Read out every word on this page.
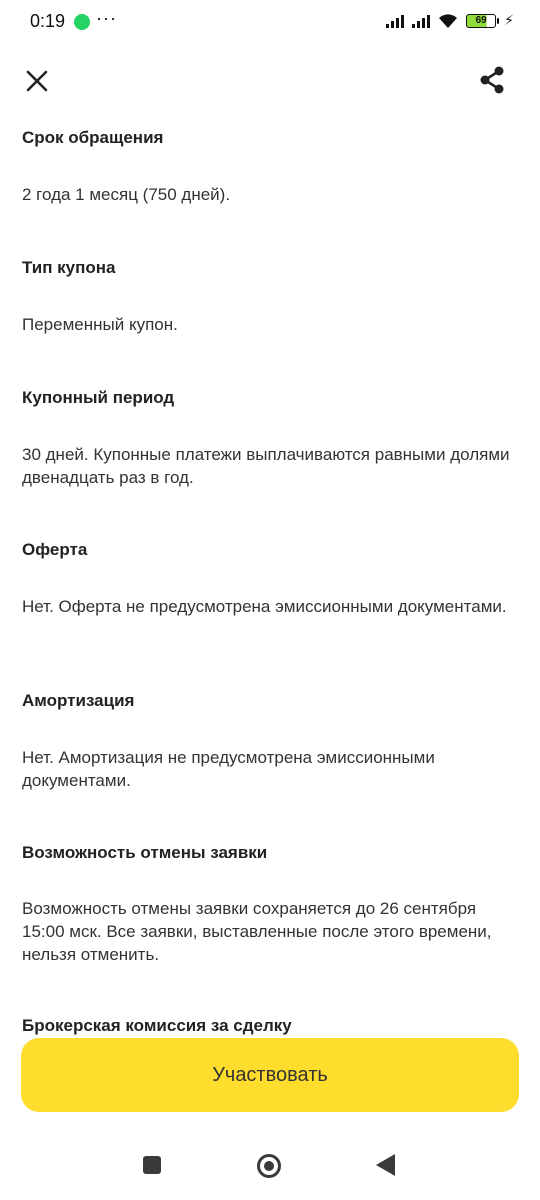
0:19 ···	69 ⚡

Срок обращения

2 года 1 месяц (750 дней).

Тип купона

Переменный купон.

Купонный период

30 дней. Купонные платежи выплачиваются равными долями двенадцать раз в год.

Оферта

Нет. Оферта не предусмотрена эмиссионными документами.

Амортизация

Нет. Амортизация не предусмотрена эмиссионными документами.

Возможность отмены заявки

Возможность отмены заявки сохраняется до 26 сентября 15:00 мск. Все заявки, выставленные после этого времени, нельзя отменить.

Брокерская комиссия за сделку

Участвовать
